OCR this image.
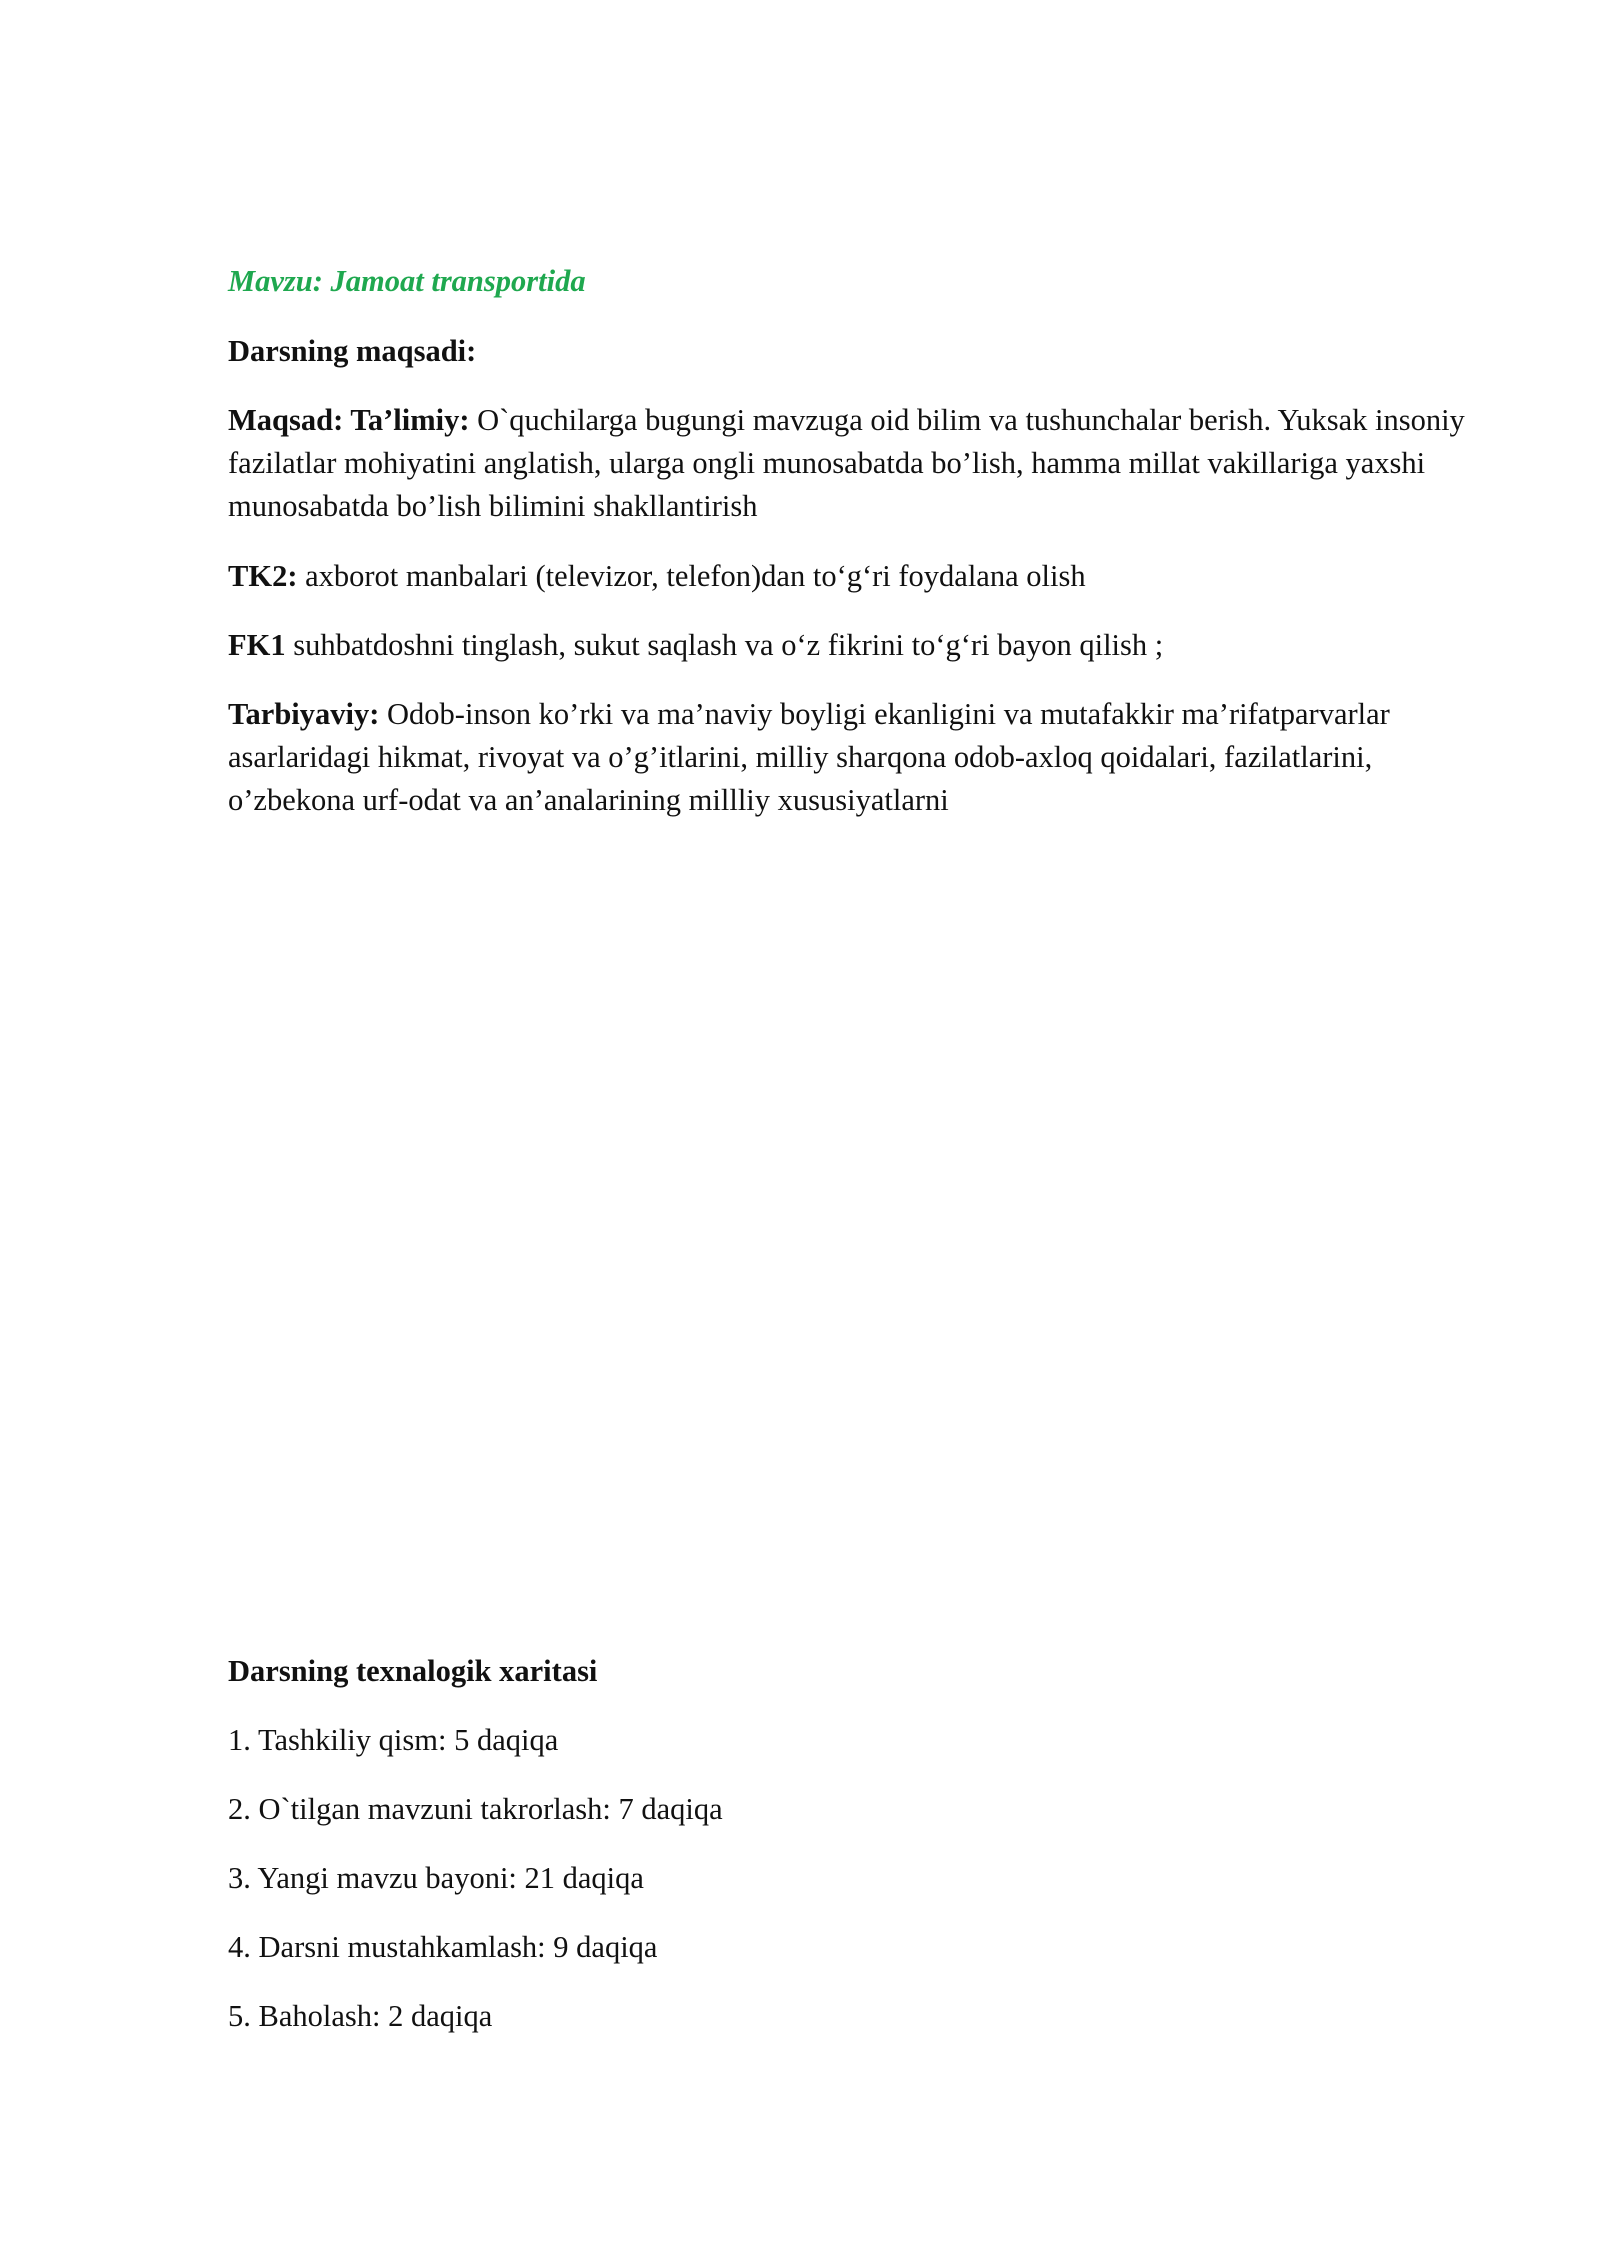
Mavzu: Jamoat transportida

Darsning maqsadi:

Maqsad: Ta’limiy: O`quchilarga bugungi mavzuga oid bilim va tushunchalar berish. Yuksak insoniy fazilatlar mohiyatini anglatish, ularga ongli munosabatda bo’lish, hamma millat vakillariga yaxshi munosabatda bo’lish bilimini shakllantirish

TK2: axborot manbalari (televizor, telefon)dan to‘g‘ri foydalana olish

FK1 suhbatdoshni tinglash, sukut saqlash va o‘z fikrini to‘g‘ri bayon qilish ;

Tarbiyaviy: Odob-inson ko’rki va ma’naviy boyligi ekanligini va mutafakkir ma’rifatparvarlar asarlaridagi hikmat, rivoyat va o’g’itlarini, milliy sharqona odob-axloq qoidalari, fazilatlarini, o’zbekona urf-odat va an’analarining millliy xususiyatlarni

Darsning texnalogik xaritasi

1. Tashkiliy qism: 5 daqiqa
2. O`tilgan mavzuni takrorlash: 7 daqiqa
3. Yangi mavzu bayoni: 21 daqiqa
4. Darsni mustahkamlash: 9 daqiqa
5. Baholash: 2 daqiqa
